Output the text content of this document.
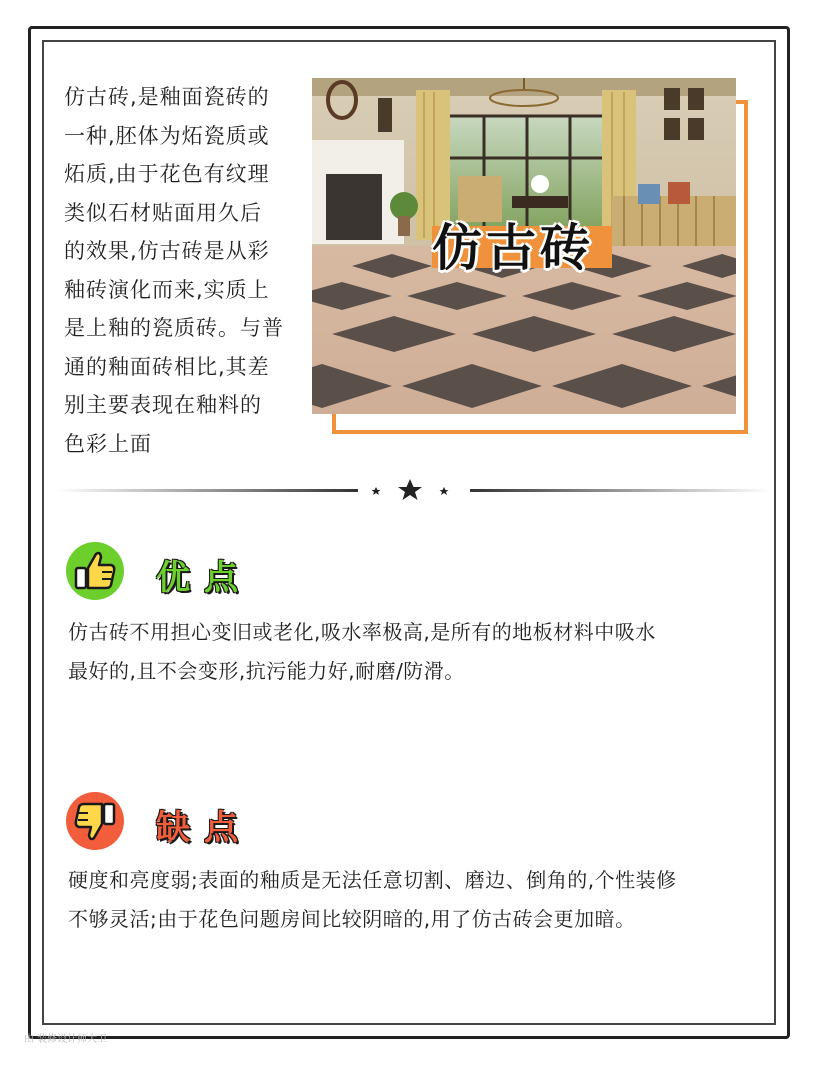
仿古砖,是釉面瓷砖的
一种,胚体为炻瓷质或
炻质,由于花色有纹理
类似石材贴面用久后
的效果,仿古砖是从彩
釉砖演化而来,实质上
是上釉的瓷质砖。与普
通的釉面砖相比,其差
别主要表现在釉料的
色彩上面
仿古砖
优点
仿古砖不用担心变旧或老化,吸水率极高,是所有的地板材料中吸水
最好的,且不会变形,抗污能力好,耐磨/防滑。
缺点
硬度和亮度弱;表面的釉质是无法任意切割、磨边、倒角的,个性装修
不够灵活;由于花色问题房间比较阴暗的,用了仿古砖会更加暗。
由 装修设计师大卫
